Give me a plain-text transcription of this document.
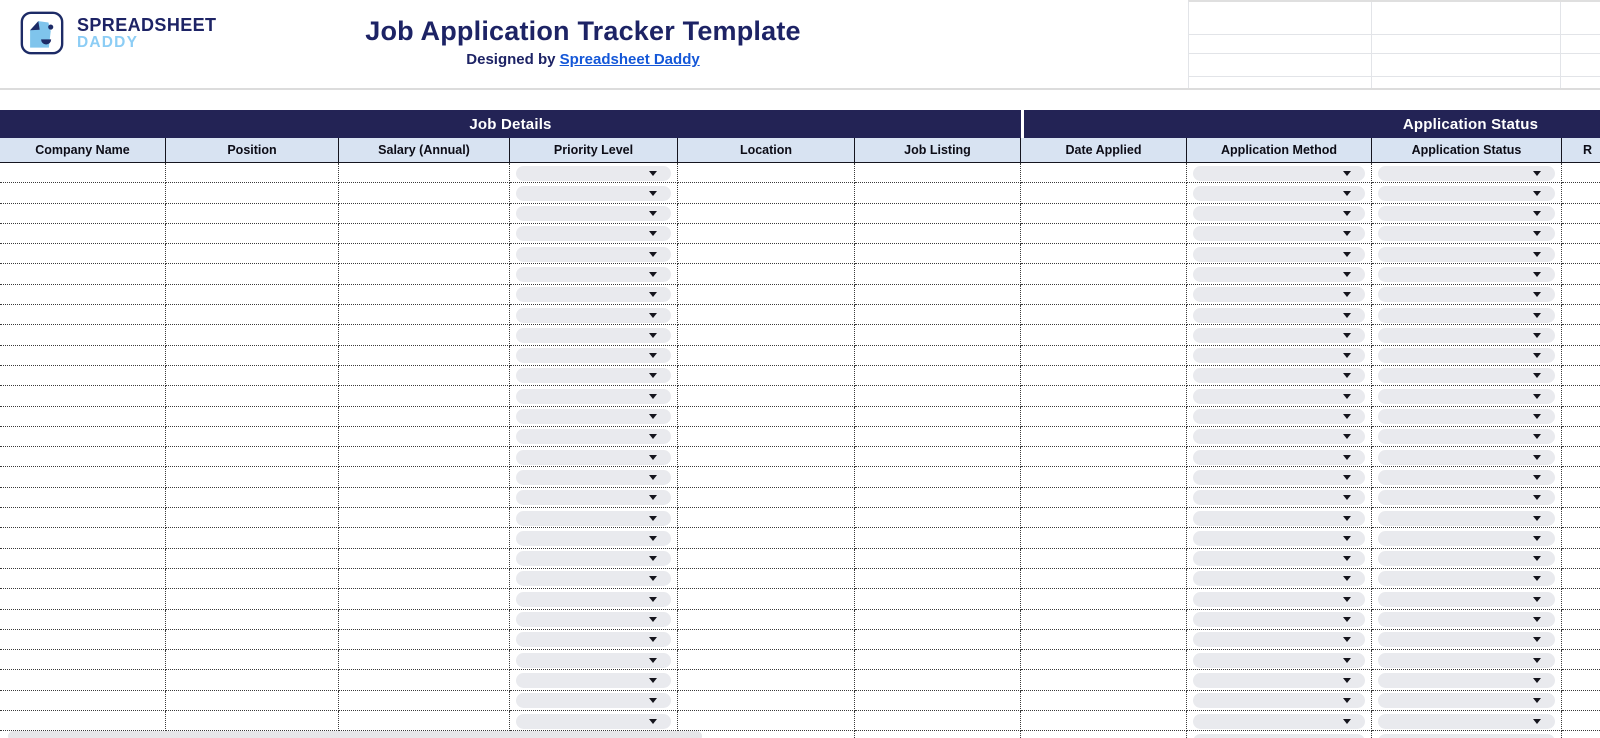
SPREADSHEET
DADDY	Job Application Tracker Template
Designed by Spreadsheet Daddy
Job Details	Application Status
Company Name	Position	Salary (Annual)	Priority Level	Location	Job Listing	Date Applied	Application Method	Application Status	R
